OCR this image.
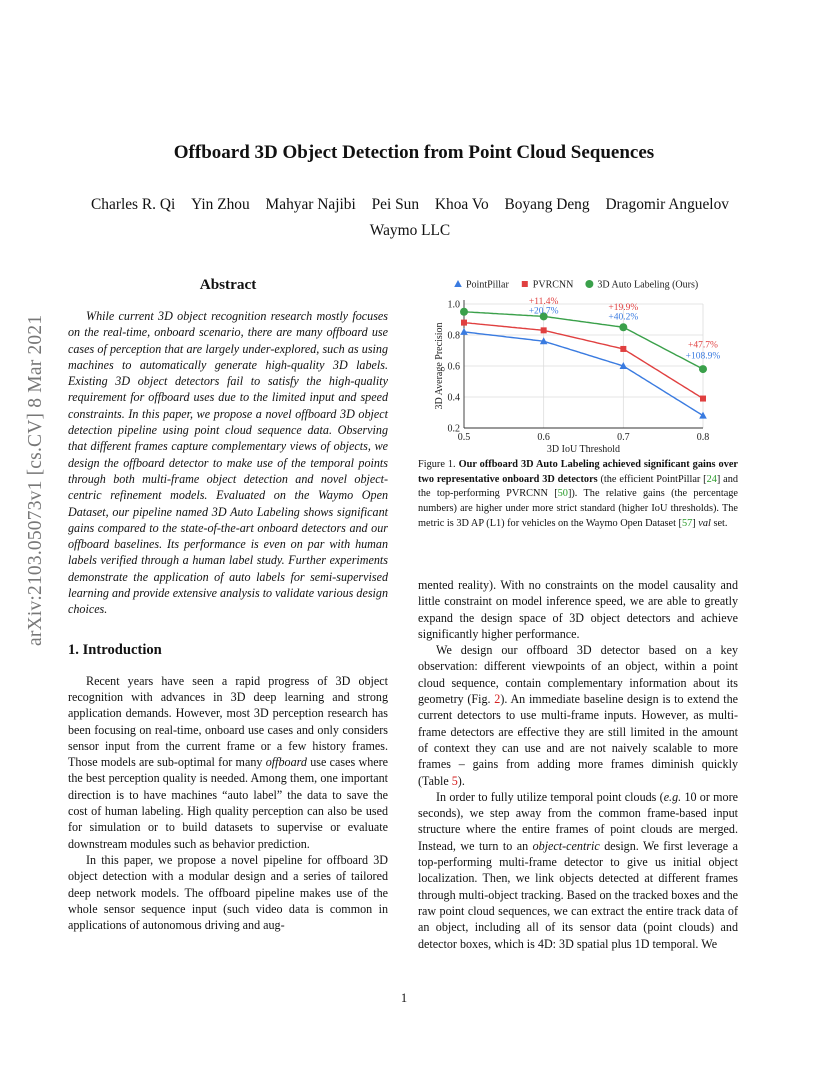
arXiv:2103.05073v1 [cs.CV] 8 Mar 2021
Offboard 3D Object Detection from Point Cloud Sequences
Charles R. Qi Yin Zhou Mahyar Najibi Pei Sun Khoa Vo Boyang Deng Dragomir Anguelov
Waymo LLC
Abstract

While current 3D object recognition research mostly focuses on the real-time, onboard scenario, there are many offboard use cases of perception that are largely under-explored, such as using machines to automatically generate high-quality 3D labels. Existing 3D object detectors fail to satisfy the high-quality requirement for offboard uses due to the limited input and speed constraints. In this paper, we propose a novel offboard 3D object detection pipeline using point cloud sequence data. Observing that different frames capture complementary views of objects, we design the offboard detector to make use of the temporal points through both multi-frame object detection and novel object-centric refinement models. Evaluated on the Waymo Open Dataset, our pipeline named 3D Auto Labeling shows significant gains compared to the state-of-the-art onboard detectors and our offboard baselines. Its performance is even on par with human labels verified through a human label study. Further experiments demonstrate the application of auto labels for semi-supervised learning and provide extensive analysis to validate various design choices.

1. Introduction

Recent years have seen a rapid progress of 3D object recognition with advances in 3D deep learning and strong application demands. However, most 3D perception research has been focusing on real-time, onboard use cases and only considers sensor input from the current frame or a few history frames. Those models are sub-optimal for many offboard use cases where the best perception quality is needed. Among them, one important direction is to have machines “auto label” the data to save the cost of human labeling. High quality perception can also be used for simulation or to build datasets to supervise or evaluate downstream modules such as behavior prediction.

In this paper, we propose a novel pipeline for offboard 3D object detection with a modular design and a series of tailored deep network models. The offboard pipeline makes use of the whole sensor sequence input (such video data is common in applications of autonomous driving and aug-

0.2
0.4
0.6
0.8
1.0
0.5	0.6	0.7	0.8
3D IoU Threshold
3D Average Precision
+11.4%
+20.7%	+19.9%
+40.2%
+47.7%
+108.9%
PointPillar PVRCNN 3D Auto Labeling (Ours)
Figure 1. Our offboard 3D Auto Labeling achieved significant gains over two representative onboard 3D detectors (the efficient PointPillar [24] and the top-performing PVRCNN [50]). The relative gains (the percentage numbers) are higher under more strict standard (higher IoU thresholds). The metric is 3D AP (L1) for vehicles on the Waymo Open Dataset [57] val set.

mented reality). With no constraints on the model causality and little constraint on model inference speed, we are able to greatly expand the design space of 3D object detectors and achieve significantly higher performance.

We design our offboard 3D detector based on a key observation: different viewpoints of an object, within a point cloud sequence, contain complementary information about its geometry (Fig. 2). An immediate baseline design is to extend the current detectors to use multi-frame inputs. However, as multi-frame detectors are effective they are still limited in the amount of context they can use and are not naively scalable to more frames – gains from adding more frames diminish quickly (Table 5).

In order to fully utilize temporal point clouds (e.g. 10 or more seconds), we step away from the common frame-based input structure where the entire frames of point clouds are merged. Instead, we turn to an object-centric design. We first leverage a top-performing multi-frame detector to give us initial object localization. Then, we link objects detected at different frames through multi-object tracking. Based on the tracked boxes and the raw point cloud sequences, we can extract the entire track data of an object, including all of its sensor data (point clouds) and detector boxes, which is 4D: 3D spatial plus 1D temporal. We

1
